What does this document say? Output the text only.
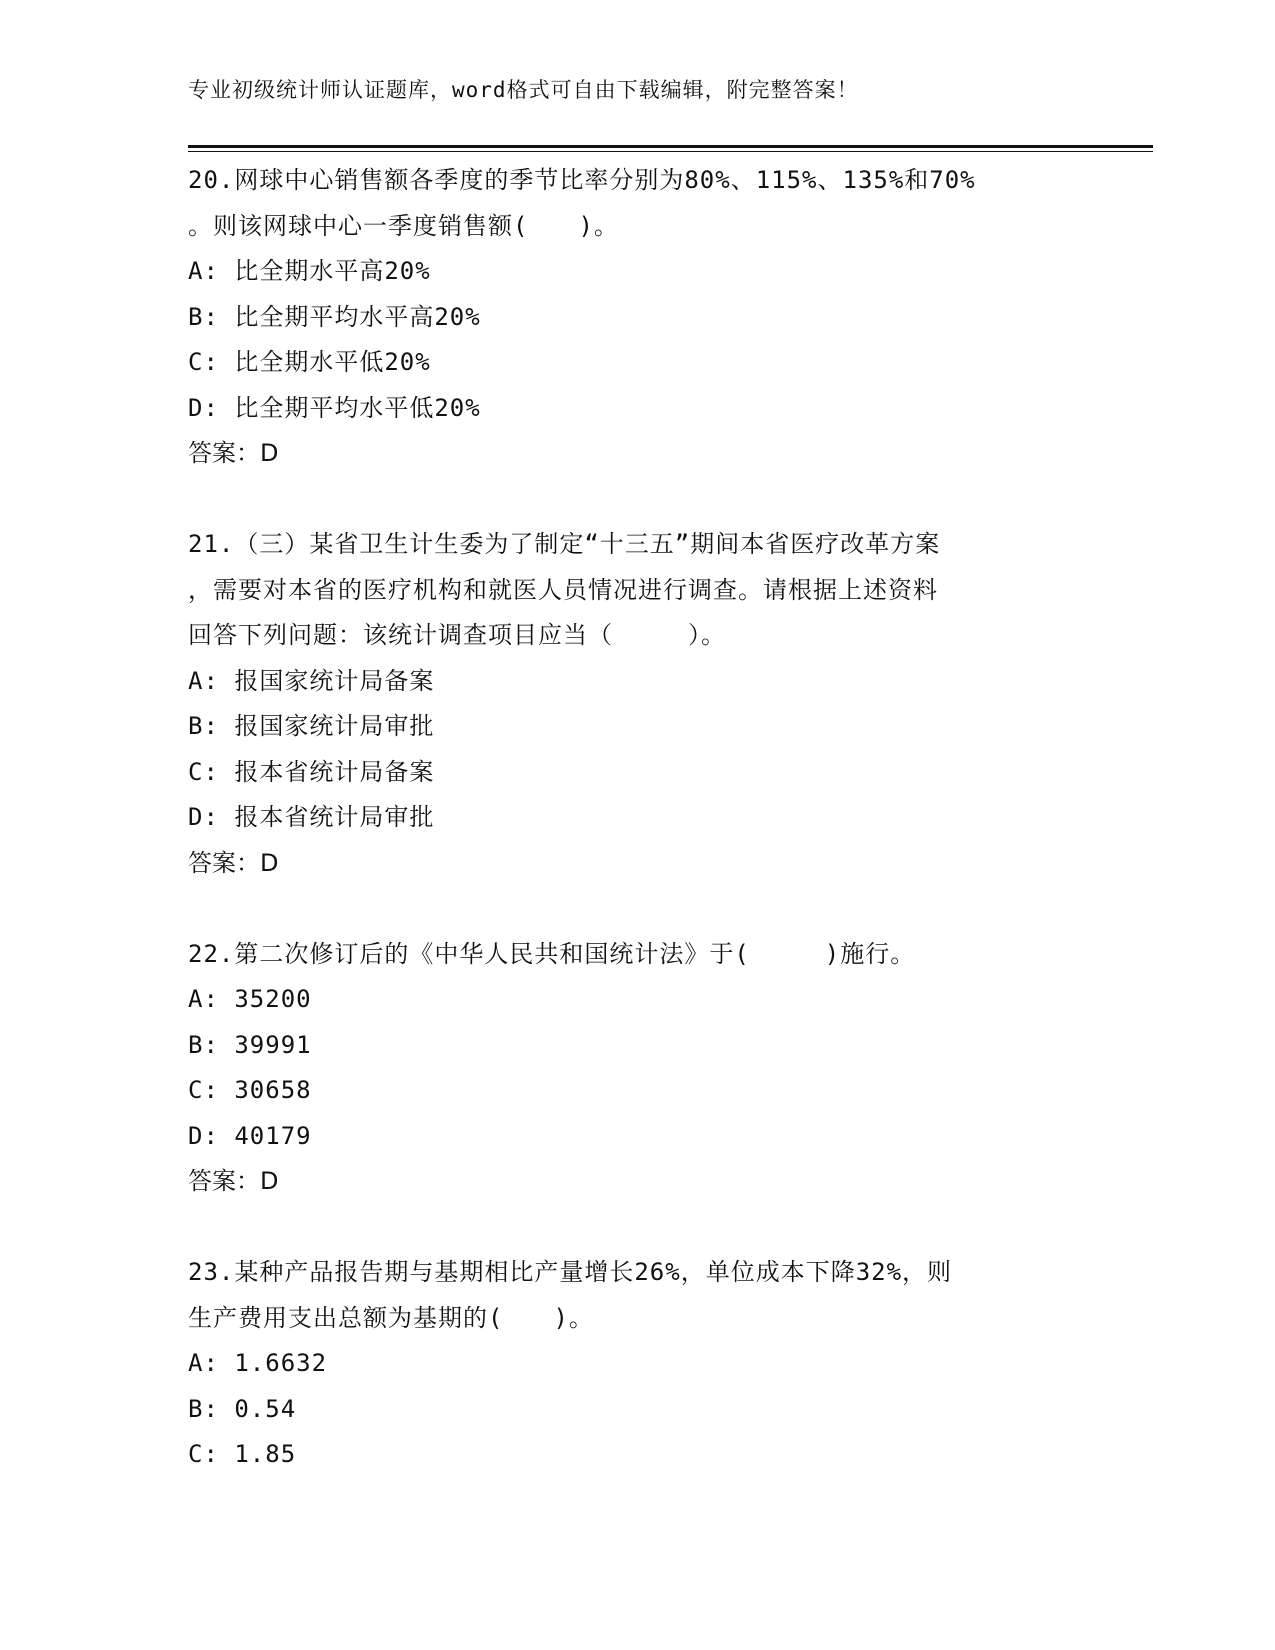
专业初级统计师认证题库，word格式可自由下载编辑，附完整答案！
20.网球中心销售额各季度的季节比率分别为80%、115%、135%和70%
。则该网球中心一季度销售额(　　)。
A: 比全期水平高20%
B: 比全期平均水平高20%
C: 比全期水平低20%
D: 比全期平均水平低20%
答案：D
21.（三）某省卫生计生委为了制定“十三五”期间本省医疗改革方案
，需要对本省的医疗机构和就医人员情况进行调查。请根据上述资料
回答下列问题：该统计调查项目应当（　　　）。
A: 报国家统计局备案
B: 报国家统计局审批
C: 报本省统计局备案
D: 报本省统计局审批
答案：D
22.第二次修订后的《中华人民共和国统计法》于(　　　)施行。
A: 35200
B: 39991
C: 30658
D: 40179
答案：D
23.某种产品报告期与基期相比产量增长26%，单位成本下降32%，则
生产费用支出总额为基期的(　　)。
A: 1.6632
B: 0.54
C: 1.85
